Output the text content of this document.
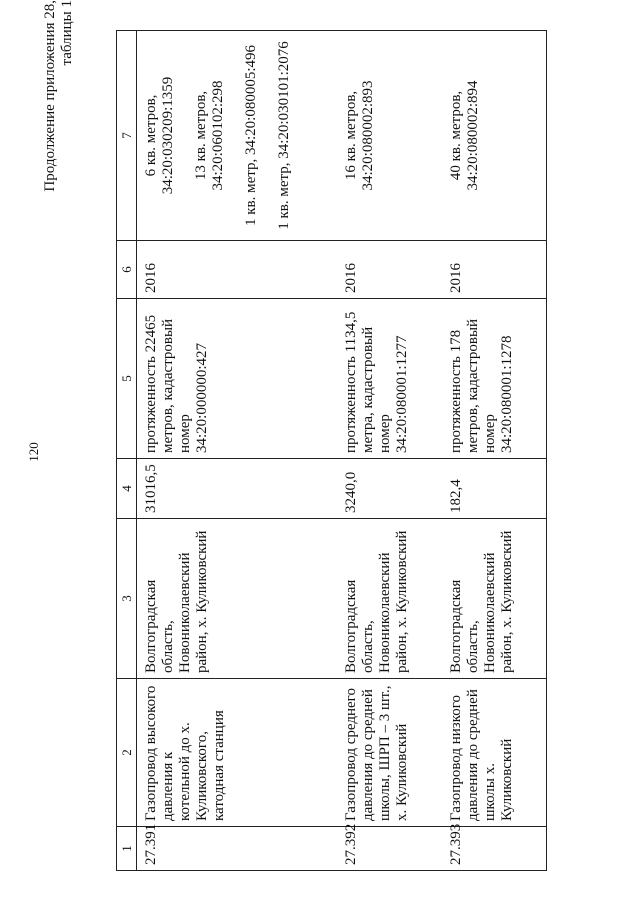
120
Продолжение приложения 28, таблицы 1
1	2	3	4	5	6	7
27.391	Газопровод высокого давления к котельной до х. Куликовского, катодная станция	Волгоградская область, Новониколаевский район, х. Куликовский	31016,5	протяженность 22465 метров, кадастровый номер 34:20:000000:427	2016	6 кв. метров, 34:20:030209:1359 13 кв. метров, 34:20:060102:298 1 кв. метр, 34:20:080005:496 1 кв. метр, 34:20:030101:2076

27.392	Газопровод среднего давления до средней школы, ШРП – 3 шт., х. Куликовский	Волгоградская область, Новониколаевский район, х. Куликовский	3240,0	протяженность 1134,5 метра, кадастровый номер 34:20:080001:1277	2016	16 кв. метров, 34:20:080002:893

27.393	Газопровод низкого давления до средней школы х. Куликовский	Волгоградская область, Новониколаевский район, х. Куликовский	182,4	протяженность 178 метров, кадастровый номер 34:20:080001:1278	2016	40 кв. метров, 34:20:080002:894
